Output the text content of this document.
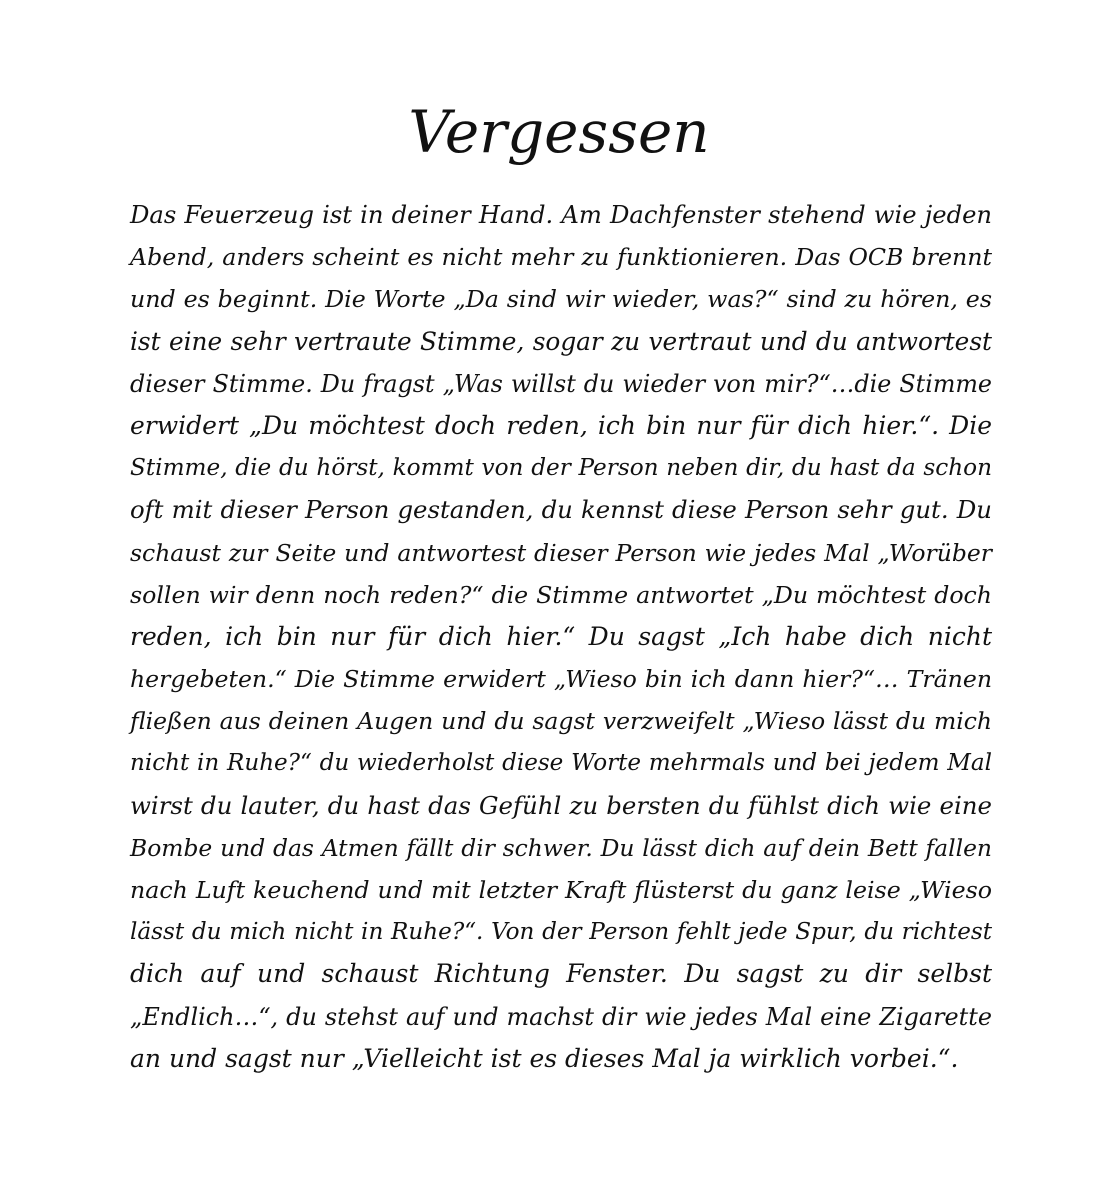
Vergessen
Das Feuerzeug ist in deiner Hand. Am Dachfenster stehend wie jeden
Abend, anders scheint es nicht mehr zu funktionieren. Das OCB brennt
und es beginnt. Die Worte „Da sind wir wieder, was?“ sind zu hören, es
ist eine sehr vertraute Stimme, sogar zu vertraut und du antwortest
dieser Stimme. Du fragst „Was willst du wieder von mir?“…die Stimme
erwidert „Du möchtest doch reden, ich bin nur für dich hier.“. Die
Stimme, die du hörst, kommt von der Person neben dir, du hast da schon
oft mit dieser Person gestanden, du kennst diese Person sehr gut. Du
schaust zur Seite und antwortest dieser Person wie jedes Mal „Worüber
sollen wir denn noch reden?“ die Stimme antwortet „Du möchtest doch
reden, ich bin nur für dich hier.“ Du sagst „Ich habe dich nicht
hergebeten.“ Die Stimme erwidert „Wieso bin ich dann hier?“… Tränen
fließen aus deinen Augen und du sagst verzweifelt „Wieso lässt du mich
nicht in Ruhe?“ du wiederholst diese Worte mehrmals und bei jedem Mal
wirst du lauter, du hast das Gefühl zu bersten du fühlst dich wie eine
Bombe und das Atmen fällt dir schwer. Du lässt dich auf dein Bett fallen
nach Luft keuchend und mit letzter Kraft flüsterst du ganz leise „Wieso
lässt du mich nicht in Ruhe?“. Von der Person fehlt jede Spur, du richtest
dich auf und schaust Richtung Fenster. Du sagst zu dir selbst
„Endlich…“, du stehst auf und machst dir wie jedes Mal eine Zigarette
an und sagst nur „Vielleicht ist es dieses Mal ja wirklich vorbei.“.
